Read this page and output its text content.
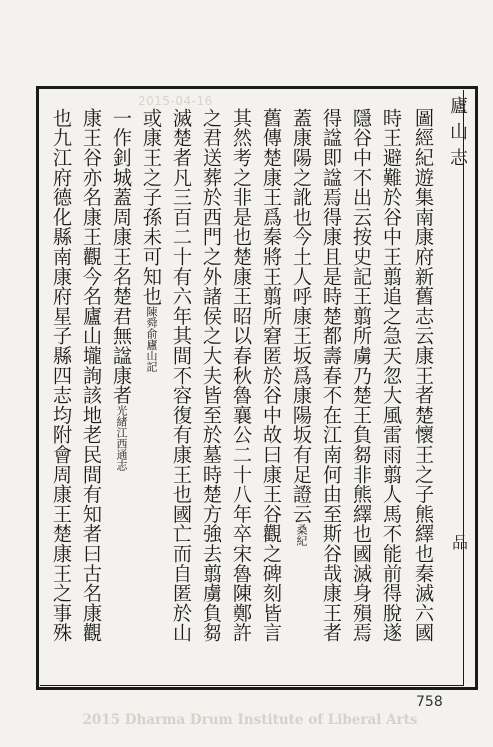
2015-04-16	廬山志
品
圖經紀遊集南康府新舊志云康王者楚懷王之子熊繹也秦滅六國
時王避難於谷中王翦追之急天忽大風雷雨翦人馬不能前得脫遂
隱谷中不出云按史記王翦所虜乃楚王負芻非熊繹也國滅身殞焉
得諡即諡焉得康且是時楚都壽春不在江南何由至斯谷哉康王者
蓋康陽之訛也今土人呼康王坂爲康陽坂有足證云桑紀
舊傳楚康王爲秦將王翦所窘匿於谷中故曰康王谷觀之碑刻皆言
其然考之非是也楚康王昭以春秋魯襄公二十八年卒宋魯陳鄭許
之君送葬於西門之外諸侯之大夫皆至於墓時楚方強去翦虜負芻
滅楚者凡三百二十有六年其間不容復有康王也國亡而自匿於山
或康王之子孫未可知也陳舜俞廬山記
一作釗城蓋周康王名楚君無諡康者光緒江西通志
康王谷亦名康王觀今名廬山壠詢該地老民間有知者曰古名康觀
也九江府德化縣南康府星子縣四志均附會周康王楚康王之事殊
758
2015 Dharma Drum Institute of Liberal Arts
